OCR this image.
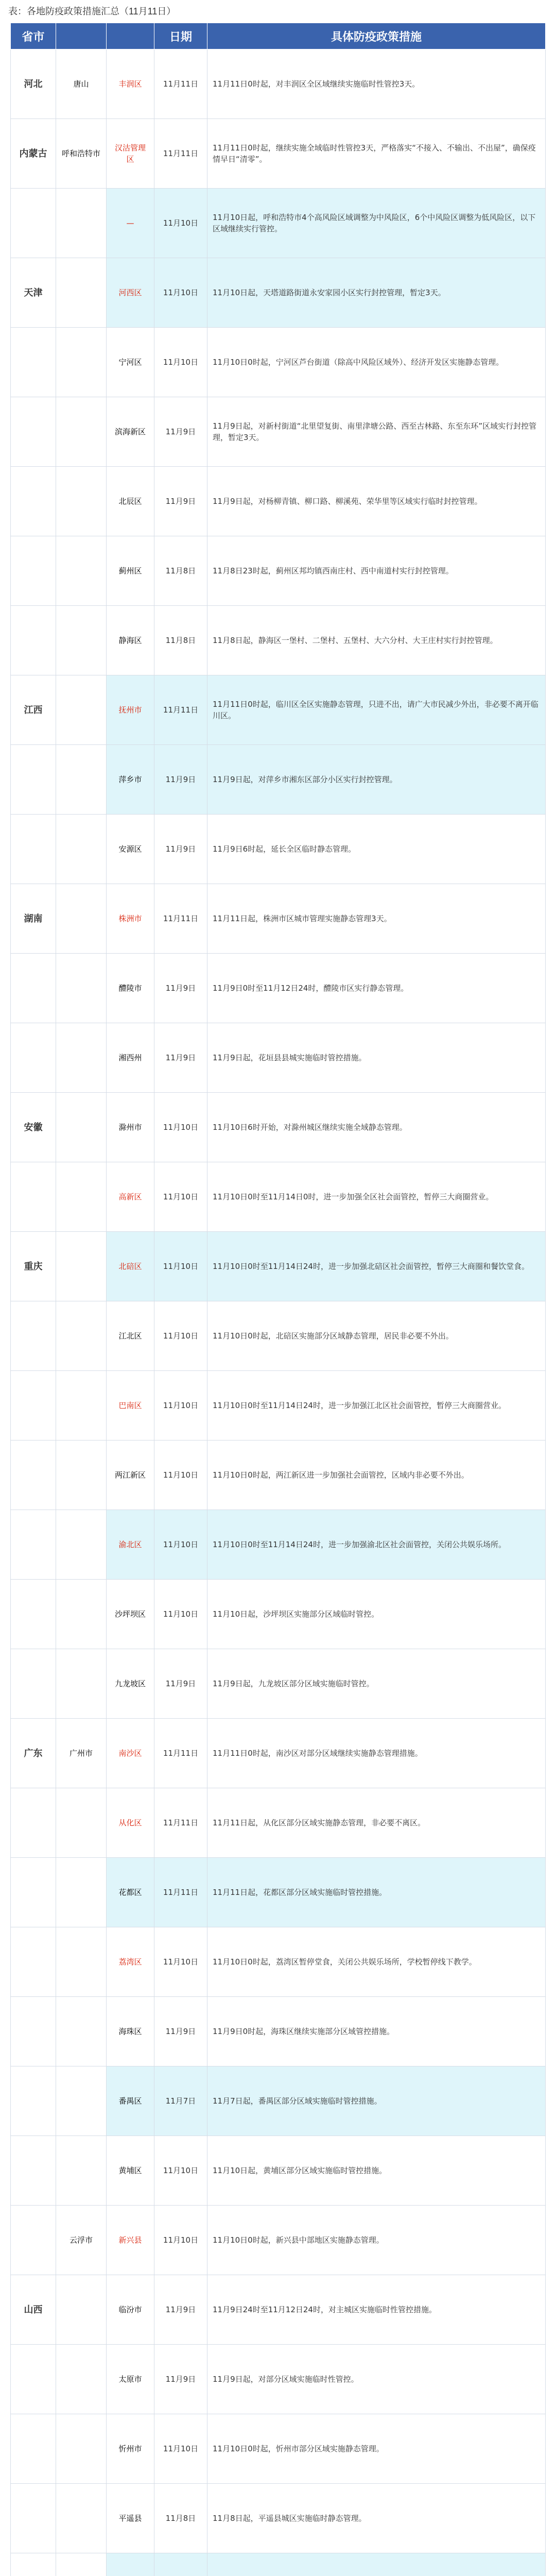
表：各地防疫政策措施汇总（11月11日）
省市			日期	具体防疫政策措施
河北	唐山	丰润区	11月11日	11月11日0时起，对丰润区全区域继续实施临时性管控3天。
内蒙古	呼和浩特市	汉沽管理区	11月11日	11月11日0时起，继续实施全域临时性管控3天，严格落实“不接入、不输出、不出屋”，确保疫情早日“清零”。
		—	11月10日	11月10日起，呼和浩特市4个高风险区域调整为中风险区，6个中风险区调整为低风险区，以下区域继续实行管控。
天津		河西区	11月10日	11月10日起，天塔道路街道永安家园小区实行封控管理，暂定3天。
		宁河区	11月10日	11月10日0时起，宁河区芦台街道（除高中风险区域外）、经济开发区实施静态管理。
		滨海新区	11月9日	11月9日起，对新村街道“北里望复街、南里津塘公路、西至古林路、东至东环”区域实行封控管理，暂定3天。
		北辰区	11月9日	11月9日起，对杨柳青镇、柳口路、柳溪苑、荣华里等区域实行临时封控管理。
		蓟州区	11月8日	11月8日23时起，蓟州区邦均镇西南庄村、西中南道村实行封控管理。
		静海区	11月8日	11月8日起，静海区一堡村、二堡村、五堡村、大六分村、大王庄村实行封控管理。
江西		抚州市	11月11日	11月11日0时起，临川区全区实施静态管理，只进不出，请广大市民减少外出，非必要不离开临川区。
		萍乡市	11月9日	11月9日起，对萍乡市湘东区部分小区实行封控管理。
		安源区	11月9日	11月9日6时起，延长全区临时静态管理。
湖南		株洲市	11月11日	11月11日起，株洲市区城市管理实施静态管理3天。
		醴陵市	11月9日	11月9日0时至11月12日24时，醴陵市区实行静态管理。
		湘西州	11月9日	11月9日起，花垣县县城实施临时管控措施。
安徽		滁州市	11月10日	11月10日6时开始，对滁州城区继续实施全域静态管理。
		高新区	11月10日	11月10日0时至11月14日0时，进一步加强全区社会面管控，暂停三大商圈营业。
重庆		北碚区	11月10日	11月10日0时至11月14日24时，进一步加强北碚区社会面管控，暂停三大商圈和餐饮堂食。
		江北区	11月10日	11月10日0时起，北碚区实施部分区域静态管理，居民非必要不外出。
		巴南区	11月10日	11月10日0时至11月14日24时，进一步加强江北区社会面管控，暂停三大商圈营业。
		两江新区	11月10日	11月10日0时起，两江新区进一步加强社会面管控，区域内非必要不外出。
		渝北区	11月10日	11月10日0时至11月14日24时，进一步加强渝北区社会面管控，关闭公共娱乐场所。
		沙坪坝区	11月10日	11月10日起，沙坪坝区实施部分区域临时管控。
		九龙坡区	11月9日	11月9日起，九龙坡区部分区域实施临时管控。
广东	广州市	南沙区	11月11日	11月11日0时起，南沙区对部分区域继续实施静态管理措施。
		从化区	11月11日	11月11日起，从化区部分区域实施静态管理，非必要不离区。
		花都区	11月11日	11月11日起，花都区部分区域实施临时管控措施。
		荔湾区	11月10日	11月10日0时起，荔湾区暂停堂食，关闭公共娱乐场所，学校暂停线下教学。
		海珠区	11月9日	11月9日0时起，海珠区继续实施部分区域管控措施。
		番禺区	11月7日	11月7日起，番禺区部分区域实施临时管控措施。
		黄埔区	11月10日	11月10日起，黄埔区部分区域实施临时管控措施。
	云浮市	新兴县	11月10日	11月10日0时起，新兴县中部地区实施静态管理。
山西		临汾市	11月9日	11月9日24时至11月12日24时，对主城区实施临时性管控措施。
		太原市	11月9日	11月9日起，对部分区域实施临时性管控。
		忻州市	11月10日	11月10日0时起，忻州市部分区域实施静态管理。
		平遥县	11月8日	11月8日起，平遥县城区实施临时静态管理。
